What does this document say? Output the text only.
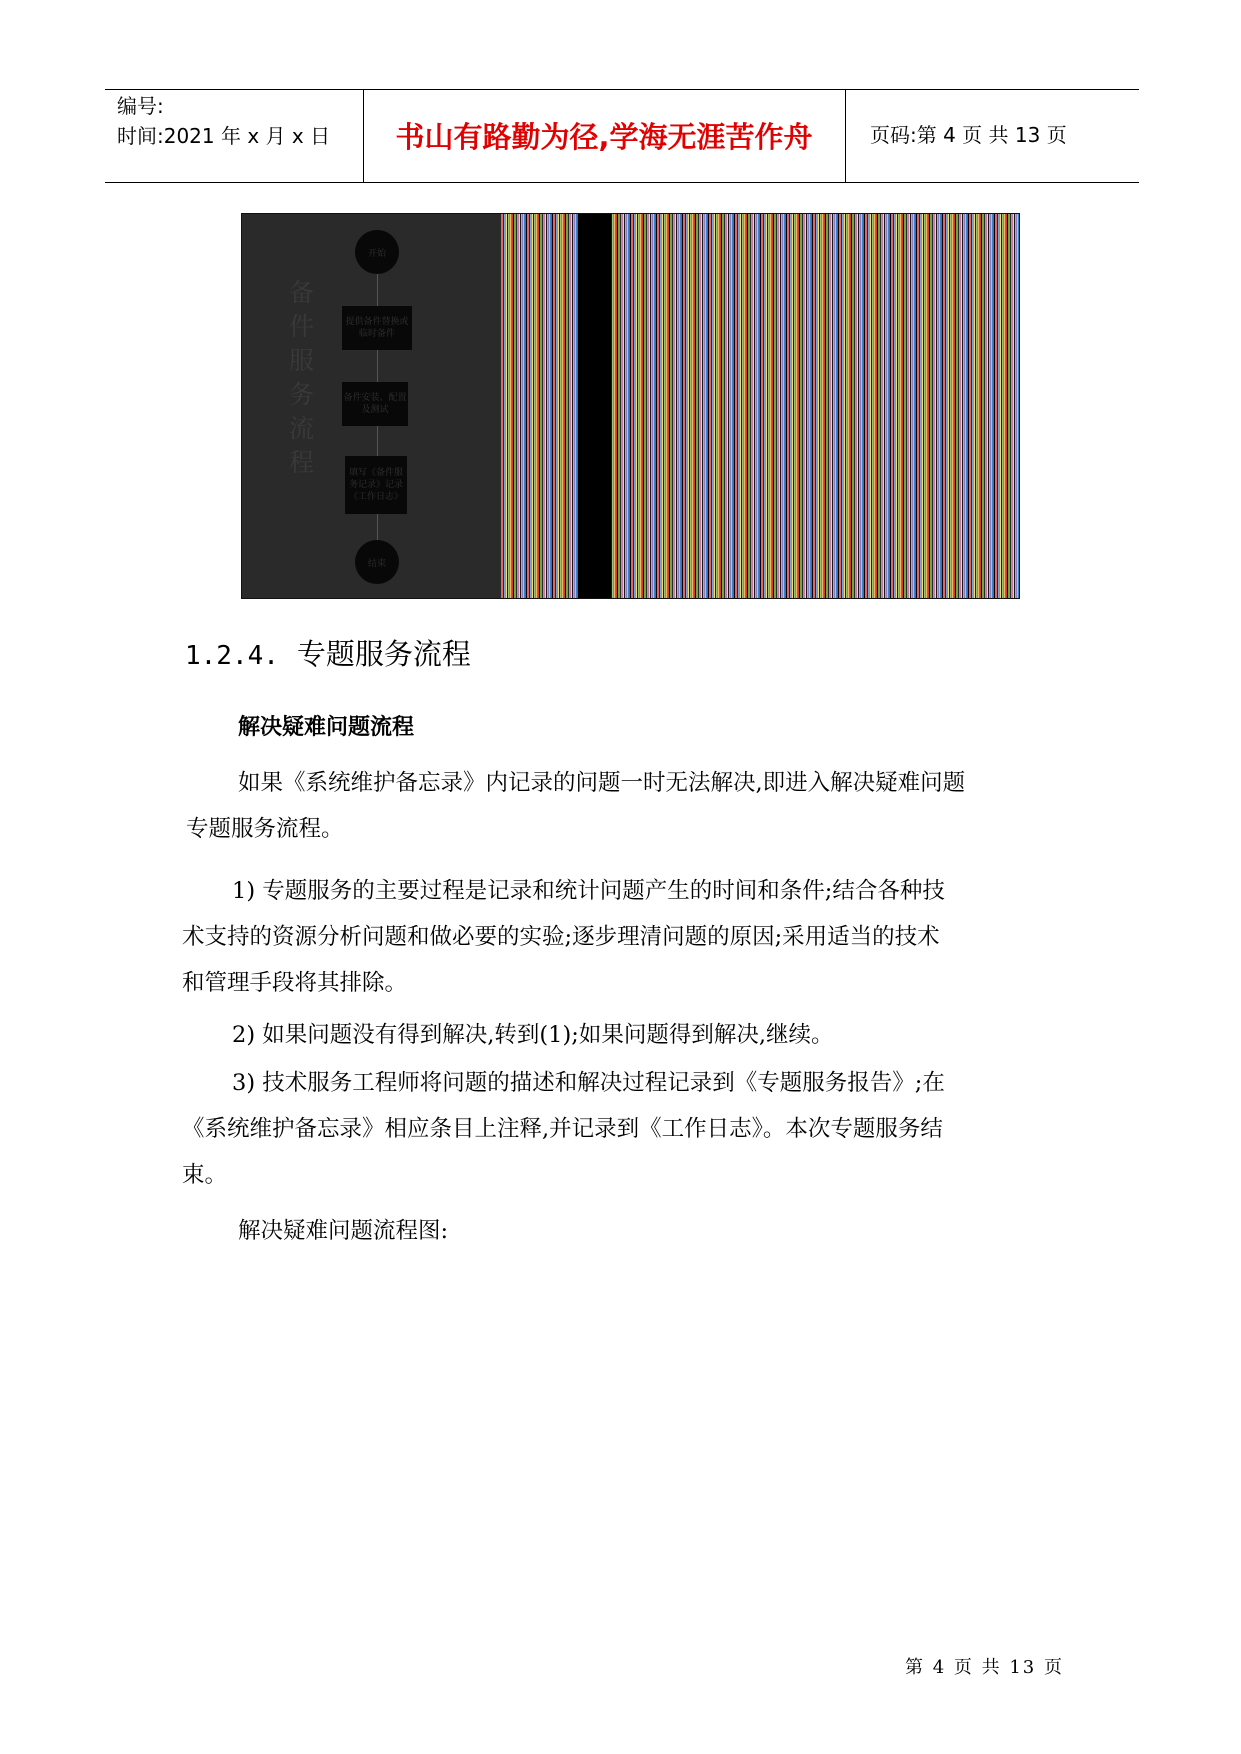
编号:
时间:2021 年 x 月 x 日	书山有路勤为径,学海无涯苦作舟	页码:第 4 页 共 13 页
备件服务流程
开始
提供备件替换或临时备件
备件安装、配置及测试
填写《备件服务记录》记录《工作日志》
结束
1.2.4. 专题服务流程
解决疑难问题流程
如果《系统维护备忘录》内记录的问题一时无法解决,即进入解决疑难问题
专题服务流程。
1) 专题服务的主要过程是记录和统计问题产生的时间和条件;结合各种技
术支持的资源分析问题和做必要的实验;逐步理清问题的原因;采用适当的技术
和管理手段将其排除。
2) 如果问题没有得到解决,转到(1);如果问题得到解决,继续。
3) 技术服务工程师将问题的描述和解决过程记录到《专题服务报告》;在
《系统维护备忘录》相应条目上注释,并记录到《工作日志》。本次专题服务结
束。
解决疑难问题流程图:
第 4 页 共 13 页
